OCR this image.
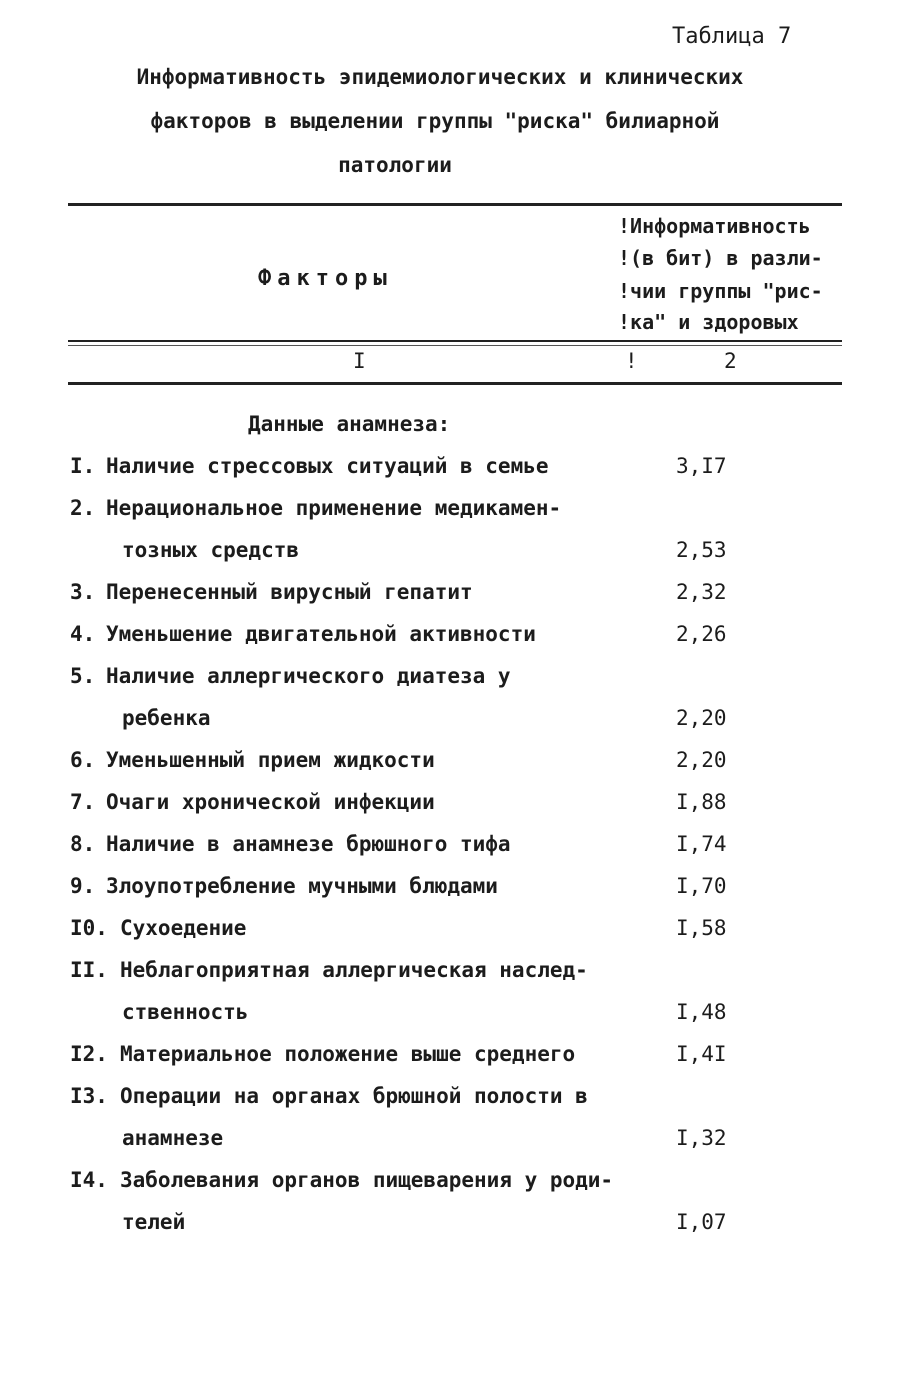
Таблица 7
Информативность эпидемиологических и клинических
факторов в выделении группы "риска" билиарной
патологии
Факторы
!Информативность
!(в бит) в разли-
!чии группы "рис-
!ка" и здоровых
I	!	2
Данные анамнеза:
I. Наличие стрессовых ситуаций в семье	3,I7
2. Нерациональное применение медикамен-
тозных средств	2,53
3. Перенесенный вирусный гепатит	2,32
4. Уменьшение двигательной активности	2,26
5. Наличие аллергического диатеза у
ребенка	2,20
6. Уменьшенный прием жидкости	2,20
7. Очаги хронической инфекции	I,88
8. Наличие в анамнезе брюшного тифа	I,74
9. Злоупотребление мучными блюдами	I,70
I0. Сухоедение	I,58
II. Неблагоприятная аллергическая наслед-
ственность	I,48
I2. Материальное положение выше среднего	I,4I
I3. Операции на органах брюшной полости в
анамнезе	I,32
I4. Заболевания органов пищеварения у роди-
телей	I,07
